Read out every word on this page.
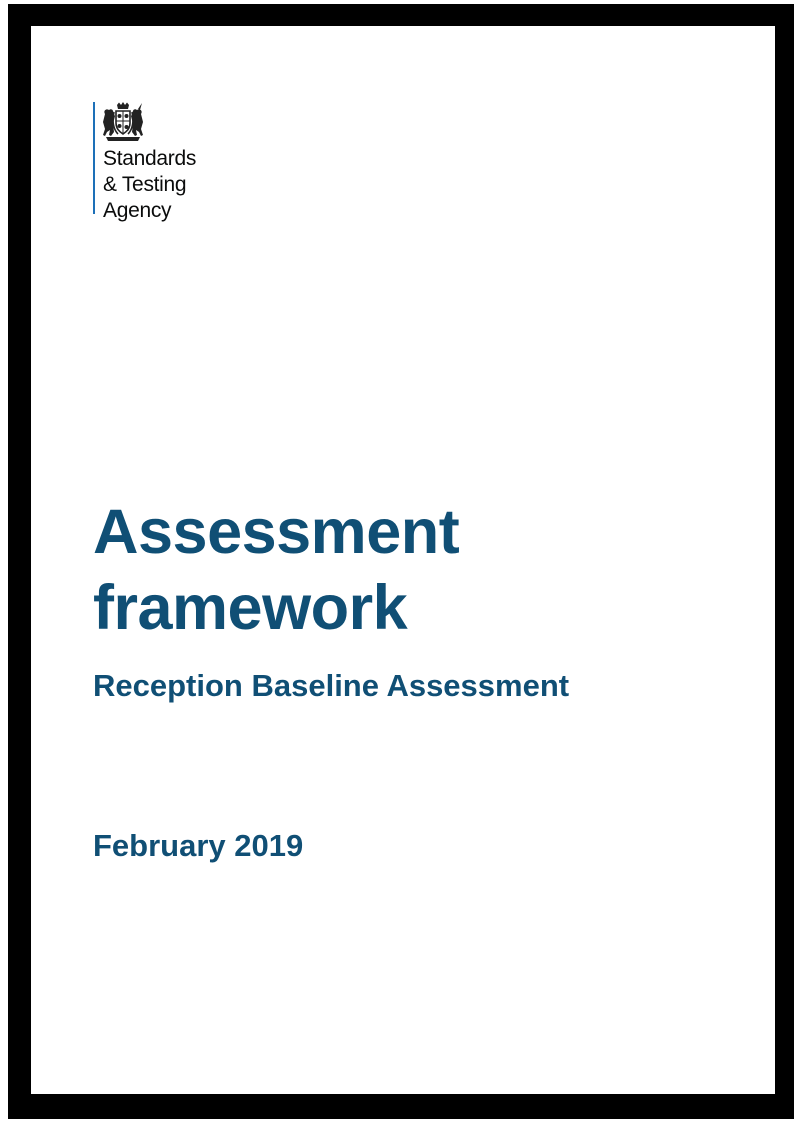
Standards
& Testing
Agency
Assessment
framework
Reception Baseline Assessment

February 2019
